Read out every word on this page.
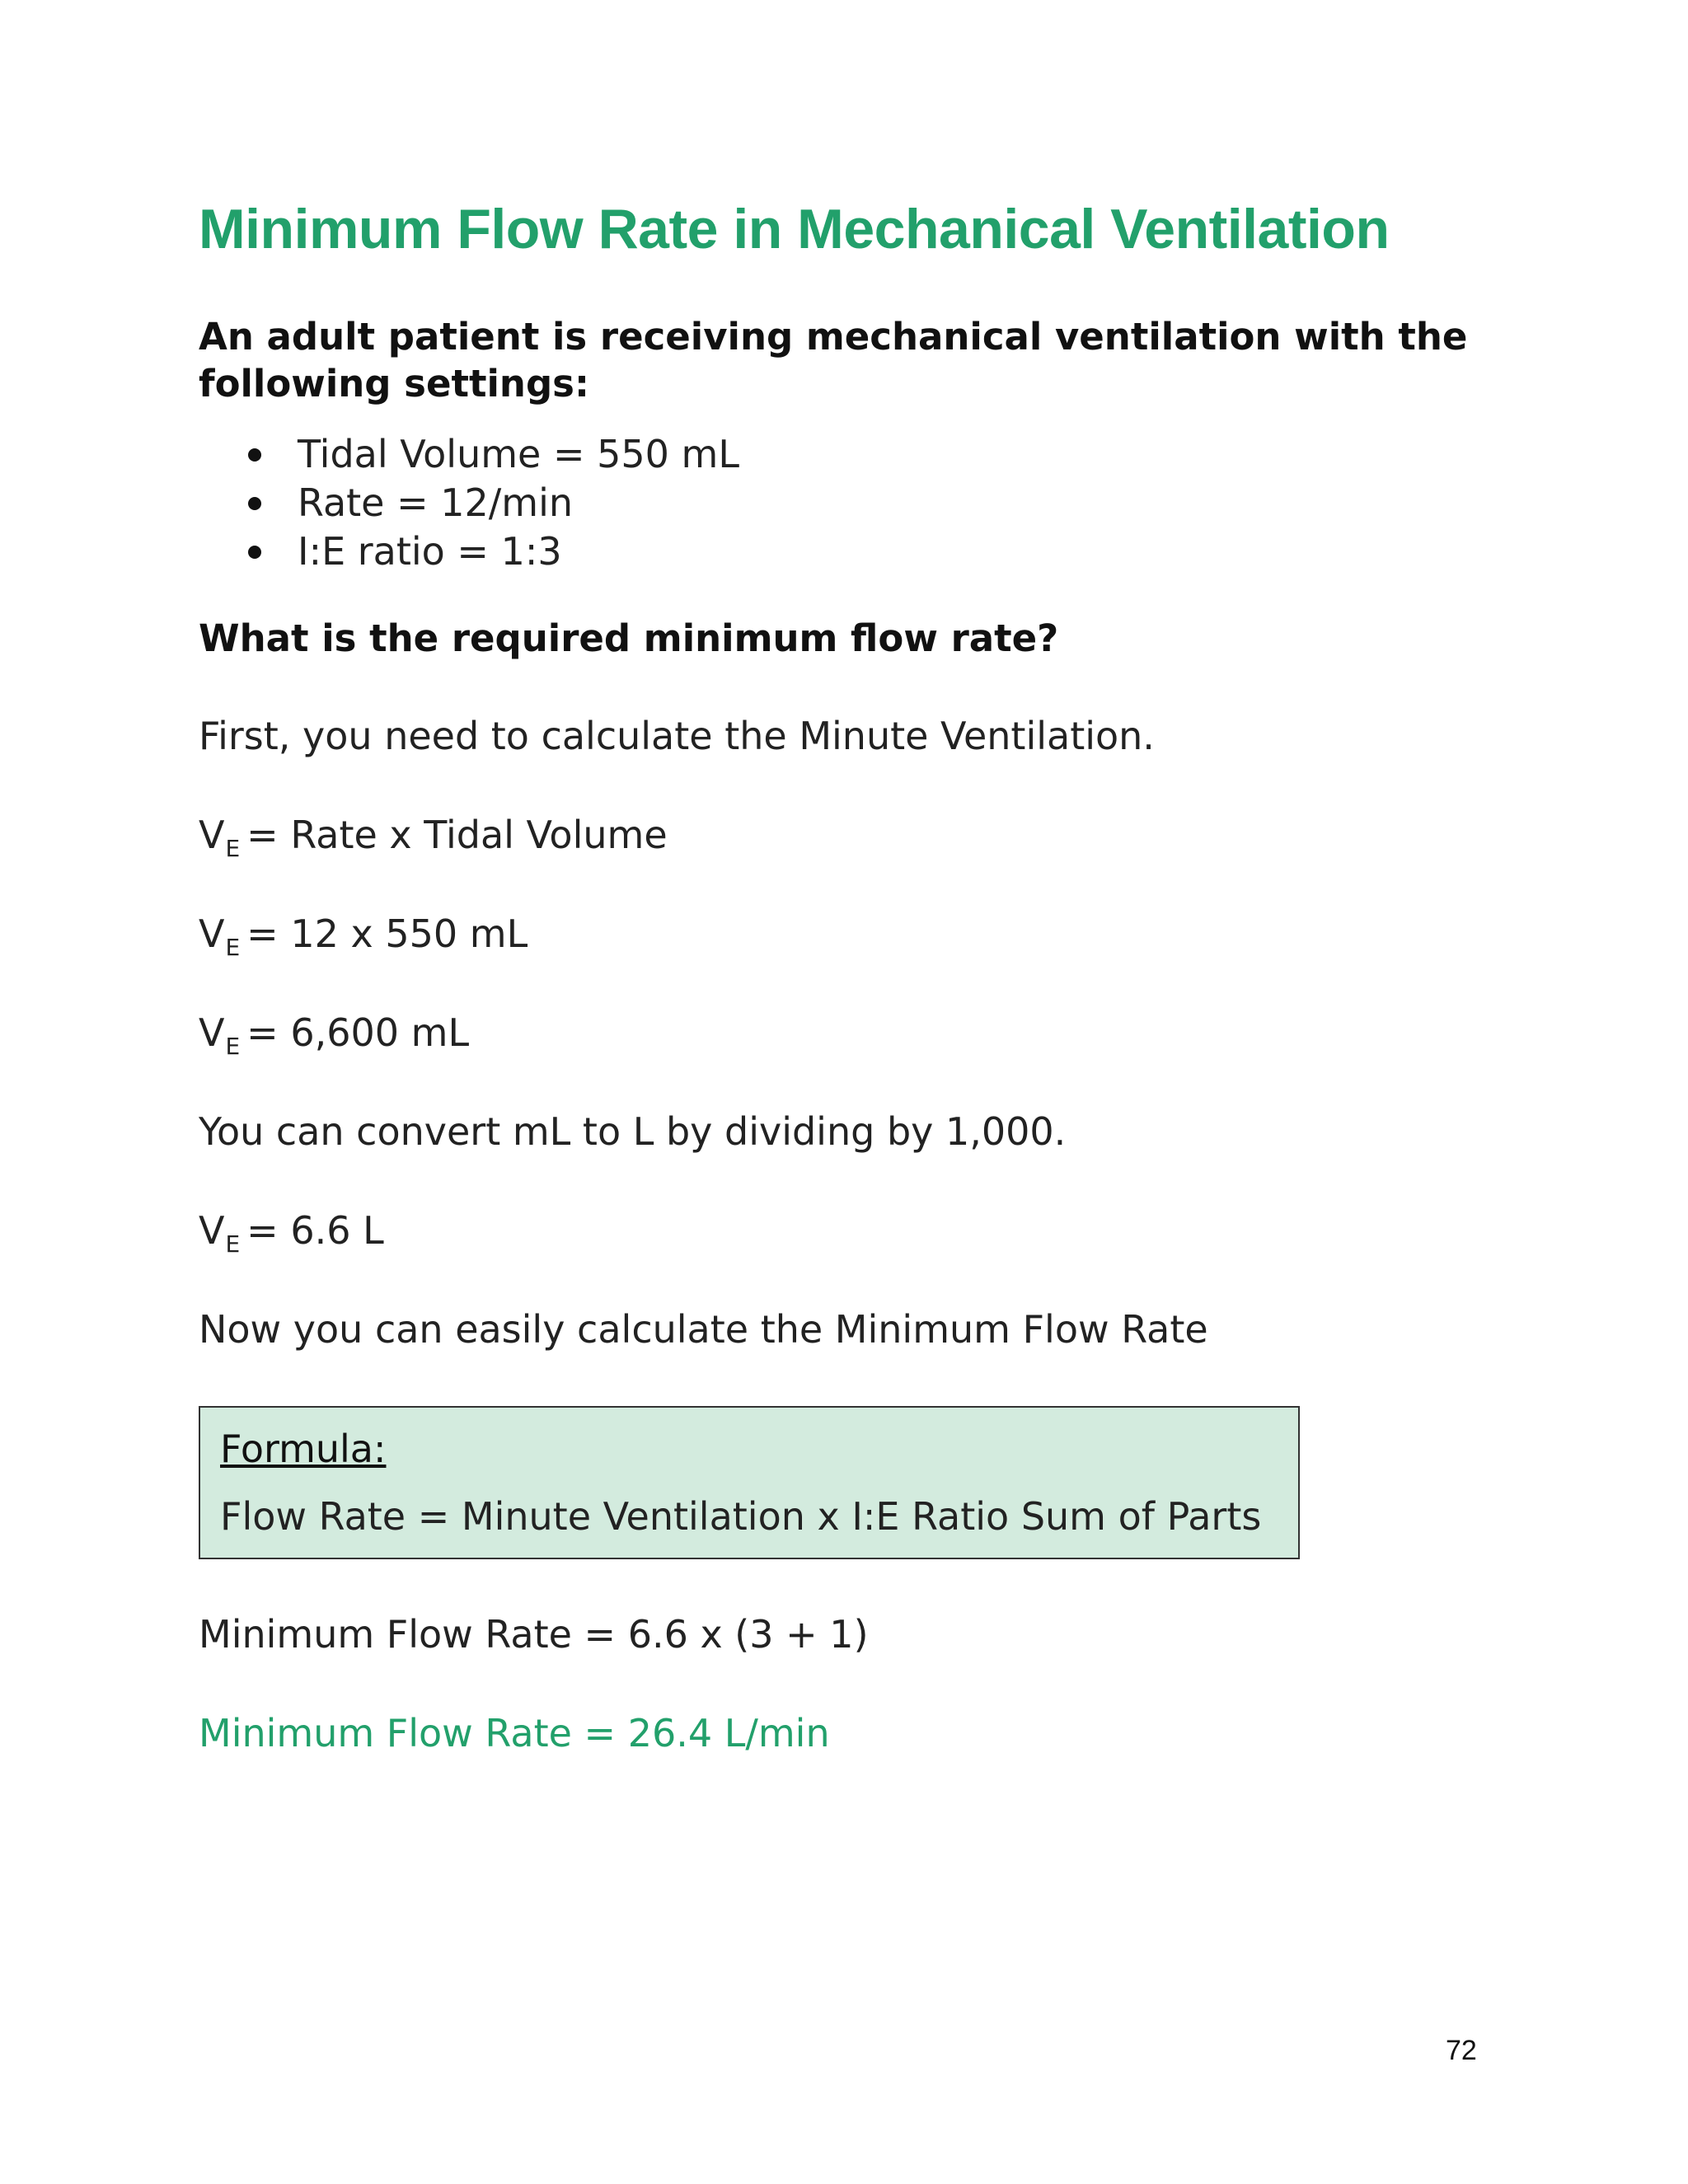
Minimum Flow Rate in Mechanical Ventilation

An adult patient is receiving mechanical ventilation with the following settings:

Tidal Volume = 550 mL
Rate = 12/min
I:E ratio = 1:3

What is the required minimum flow rate?

First, you need to calculate the Minute Ventilation.

$V_E$ = Rate x Tidal Volume

$V_E = 12$ x 550 mL

$V_E = 6,600$ mL

You can convert mL to L by dividing by 1,000.

$V_E = 6.6$ L

Now you can easily calculate the Minimum Flow Rate

Formula:
Flow Rate = Minute Ventilation x I:E Ratio Sum of Parts

Minimum Flow Rate = 6.6 x (3 + 1)

Minimum Flow Rate = 26.4 L/min

72
